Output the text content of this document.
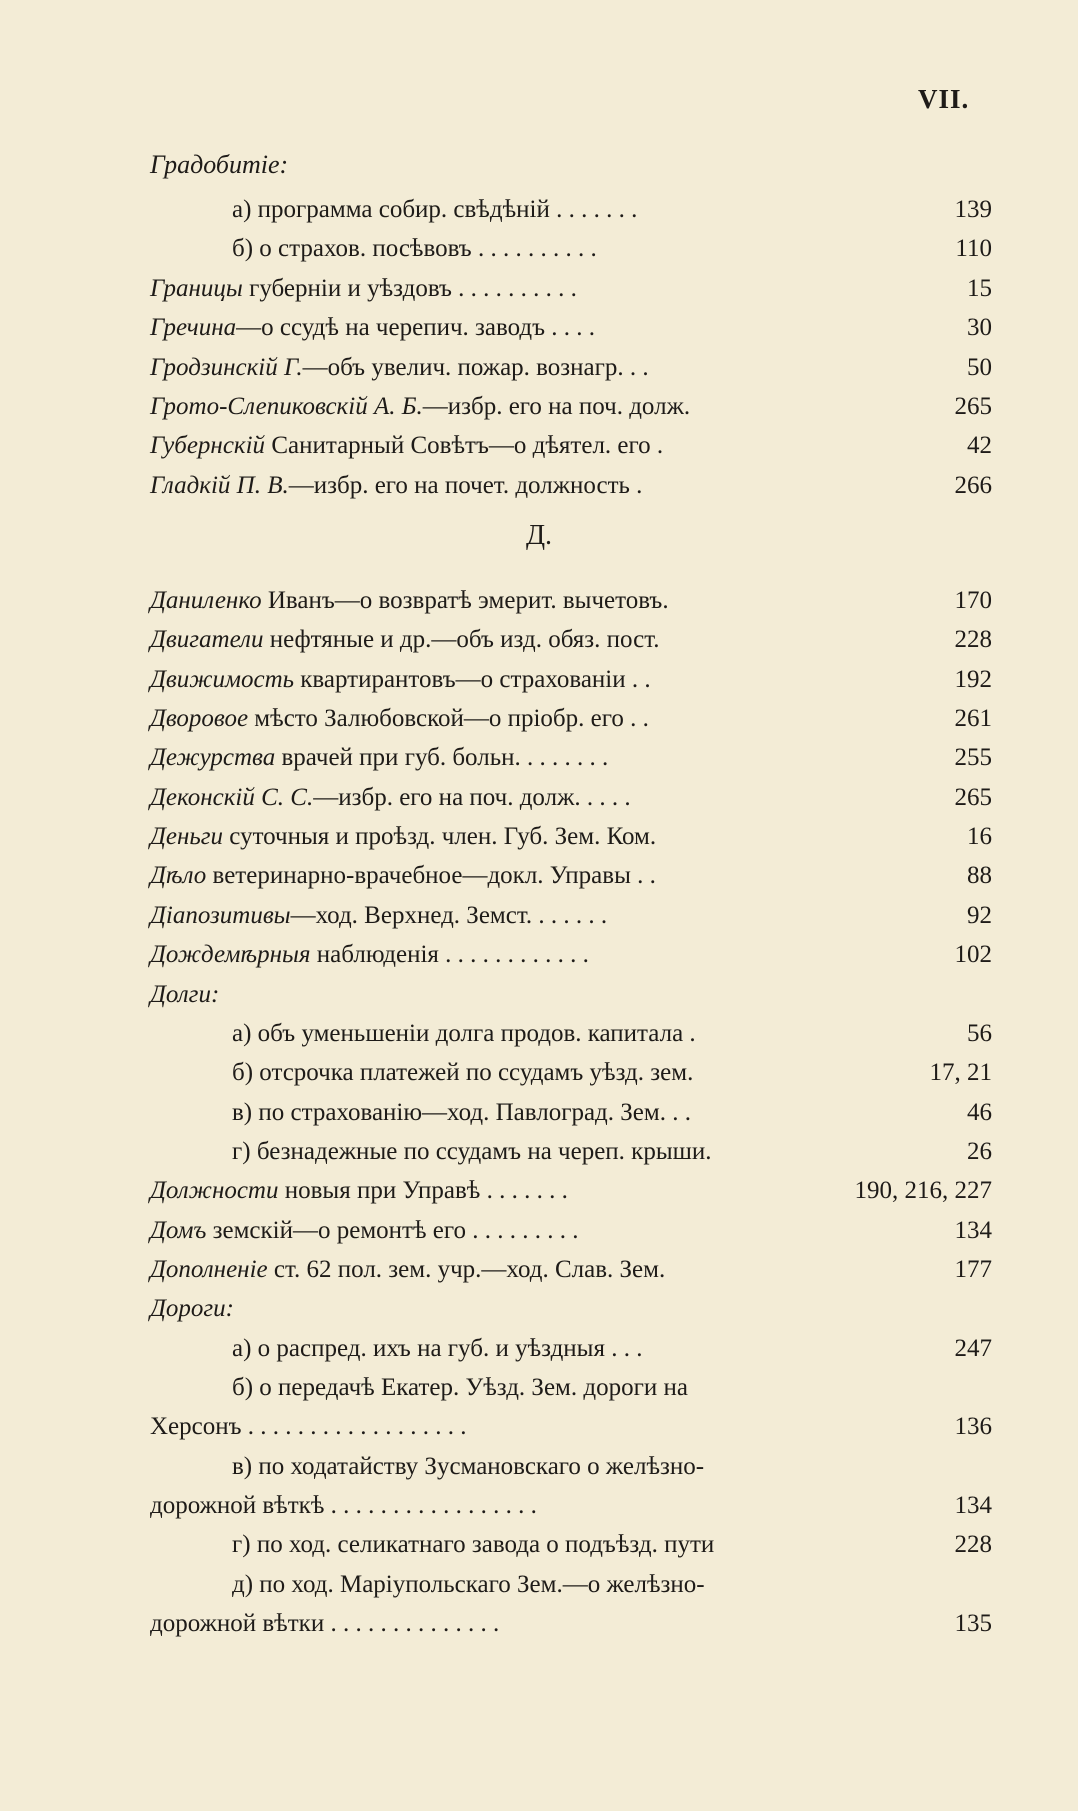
VII.
Градобитіе:
а) программа собир. свѣдѣній . . . . . . .	139
б) о страхов. посѣвовъ . . . . . . . . . .	110
Границы губерніи и уѣздовъ . . . . . . . . . .	15
Гречина—о ссудѣ на черепич. заводъ . . . .	30
Гродзинскій Г.—объ увелич. пожар. вознагр. . .	50
Грото-Слепиковскій А. Б.—избр. его на поч. долж.	265
Губернскій Санитарный Совѣтъ—о дѣятел. его .	42
Гладкій П. В.—избр. его на почет. должность .	266
Д.
Даниленко Иванъ—о возвратѣ эмерит. вычетовъ.	170
Двигатели нефтяные и др.—объ изд. обяз. пост.	228
Движимость квартирантовъ—о страхованіи . .	192
Дворовое мѣсто Залюбовской—о пріобр. его . .	261
Дежурства врачей при губ. больн. . . . . . . .	255
Деконскій С. С.—избр. его на поч. долж. . . . .	265
Деньги суточныя и проѣзд. член. Губ. Зем. Ком.	16
Дѣло ветеринарно-врачебное—докл. Управы . .	88
Діапозитивы—ход. Верхнед. Земст. . . . . . .	92
Дождемѣрныя наблюденія . . . . . . . . . . . .	102
Долги:
а) объ уменьшеніи долга продов. капитала .	56
б) отсрочка платежей по ссудамъ уѣзд. зем.	17, 21
в) по страхованію—ход. Павлоград. Зем. . .	46
г) безнадежные по ссудамъ на череп. крыши.	26
Должности новыя при Управѣ . . . . . . .	190, 216, 227
Домъ земскій—о ремонтѣ его . . . . . . . . .	134
Дополненіе ст. 62 пол. зем. учр.—ход. Слав. Зем.	177
Дороги:
а) о распред. ихъ на губ. и уѣздныя . . .	247
б) о передачѣ Екатер. Уѣзд. Зем. дороги на
Херсонъ . . . . . . . . . . . . . . . . . .	136
в) по ходатайству Зусмановскаго о желѣзно-
дорожной вѣткѣ . . . . . . . . . . . . . . . . .	134
г) по ход. селикатнаго завода о подъѣзд. пути	228
д) по ход. Маріупольскаго Зем.—о желѣзно-
дорожной вѣтки . . . . . . . . . . . . . .	135
